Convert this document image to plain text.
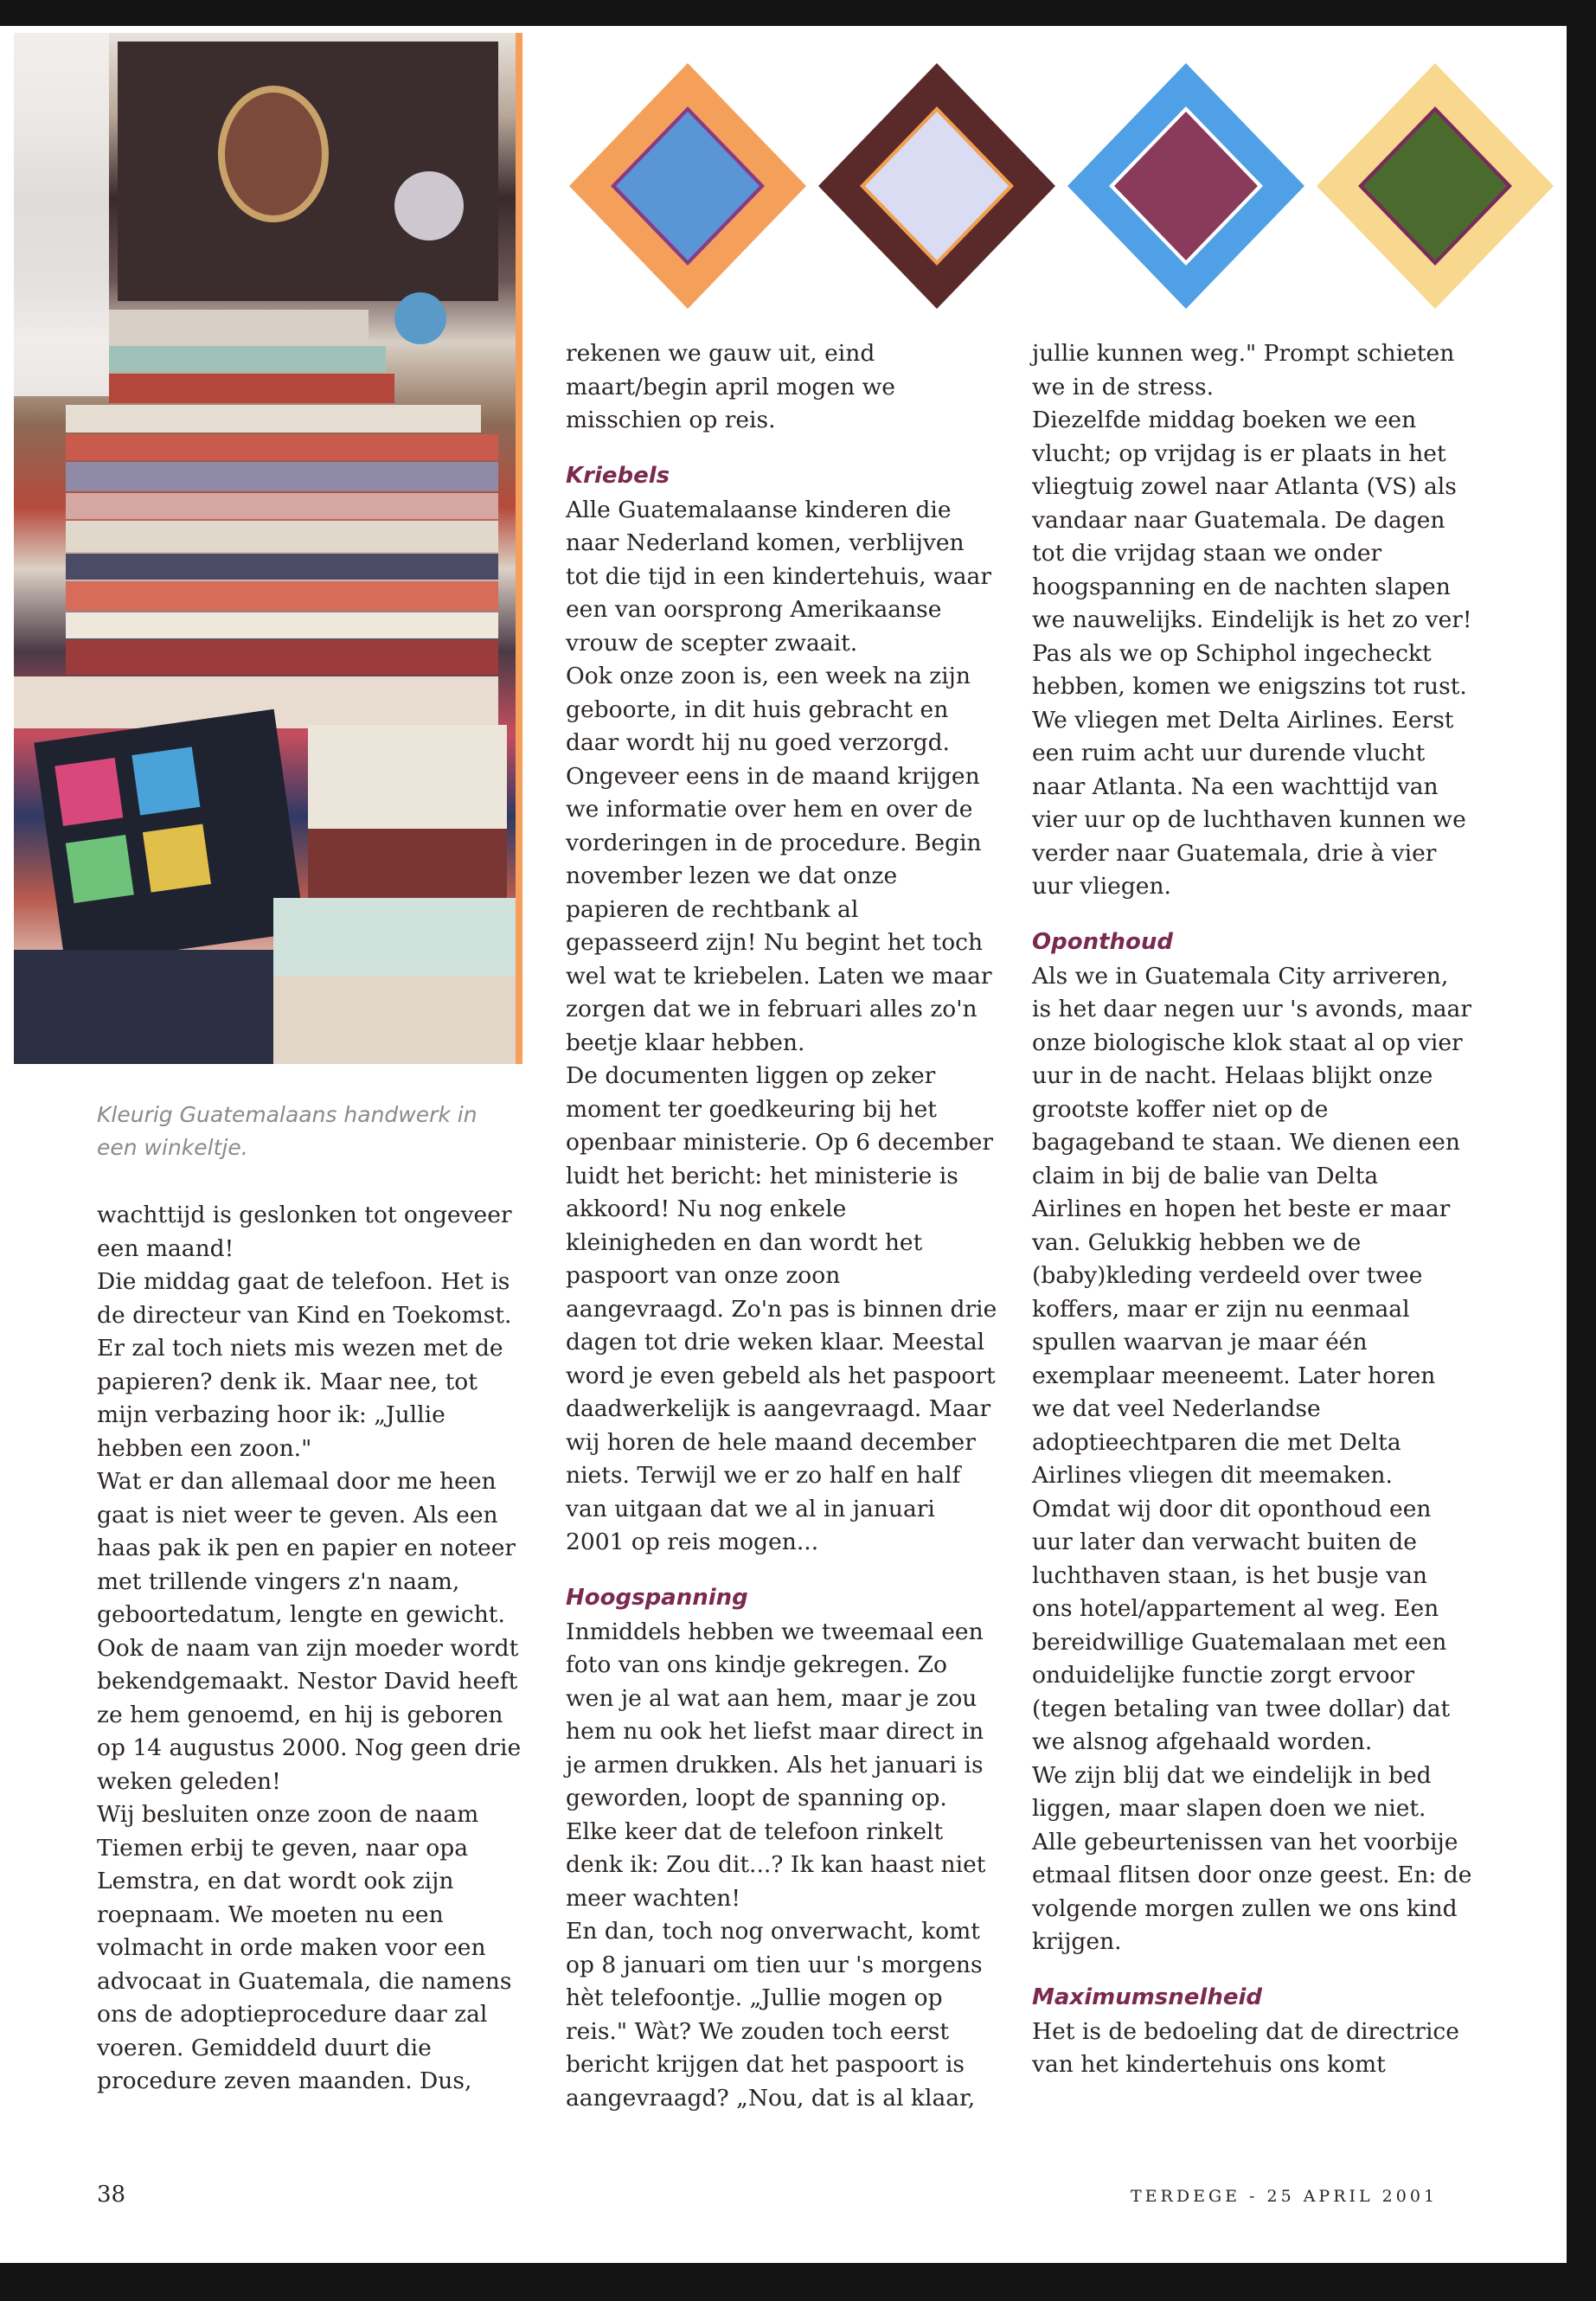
Kleurig Guatemalaans handwerk in een winkeltje.

wachttijd is geslonken tot ongeveer een maand!

Die middag gaat de telefoon. Het is de directeur van Kind en Toekomst. Er zal toch niets mis wezen met de papieren? denk ik. Maar nee, tot mijn verbazing hoor ik: „Jullie hebben een zoon."

Wat er dan allemaal door me heen gaat is niet weer te geven. Als een haas pak ik pen en papier en noteer met trillende vingers z'n naam, geboortedatum, lengte en gewicht. Ook de naam van zijn moeder wordt bekendgemaakt. Nestor David heeft ze hem genoemd, en hij is geboren op 14 augustus 2000. Nog geen drie weken geleden!

Wij besluiten onze zoon de naam Tiemen erbij te geven, naar opa Lemstra, en dat wordt ook zijn roepnaam. We moeten nu een volmacht in orde maken voor een advocaat in Guatemala, die namens ons de adoptieprocedure daar zal voeren. Gemiddeld duurt die procedure zeven maanden. Dus,

rekenen we gauw uit, eind maart/begin april mogen we misschien op reis.

Kriebels

Alle Guatemalaanse kinderen die naar Nederland komen, verblijven tot die tijd in een kindertehuis, waar een van oorsprong Amerikaanse vrouw de scepter zwaait.

Ook onze zoon is, een week na zijn geboorte, in dit huis gebracht en daar wordt hij nu goed verzorgd. Ongeveer eens in de maand krijgen we informatie over hem en over de vorderingen in de procedure. Begin november lezen we dat onze papieren de rechtbank al gepasseerd zijn! Nu begint het toch wel wat te kriebelen. Laten we maar zorgen dat we in februari alles zo'n beetje klaar hebben.

De documenten liggen op zeker moment ter goedkeuring bij het openbaar ministerie. Op 6 december luidt het bericht: het ministerie is akkoord! Nu nog enkele kleinigheden en dan wordt het paspoort van onze zoon aangevraagd. Zo'n pas is binnen drie dagen tot drie weken klaar. Meestal word je even gebeld als het paspoort daadwerkelijk is aangevraagd. Maar wij horen de hele maand december niets. Terwijl we er zo half en half van uitgaan dat we al in januari 2001 op reis mogen...

Hoogspanning

Inmiddels hebben we tweemaal een foto van ons kindje gekregen. Zo wen je al wat aan hem, maar je zou hem nu ook het liefst maar direct in je armen drukken. Als het januari is geworden, loopt de spanning op. Elke keer dat de telefoon rinkelt denk ik: Zou dit...? Ik kan haast niet meer wachten!

En dan, toch nog onverwacht, komt op 8 januari om tien uur 's morgens hèt telefoontje. „Jullie mogen op reis." Wàt? We zouden toch eerst bericht krijgen dat het paspoort is aangevraagd? „Nou, dat is al klaar,

jullie kunnen weg." Prompt schieten we in de stress.

Diezelfde middag boeken we een vlucht; op vrijdag is er plaats in het vliegtuig zowel naar Atlanta (VS) als vandaar naar Guatemala. De dagen tot die vrijdag staan we onder hoogspanning en de nachten slapen we nauwelijks. Eindelijk is het zo ver!

Pas als we op Schiphol ingecheckt hebben, komen we enigszins tot rust. We vliegen met Delta Airlines. Eerst een ruim acht uur durende vlucht naar Atlanta. Na een wachttijd van vier uur op de luchthaven kunnen we verder naar Guatemala, drie à vier uur vliegen.

Oponthoud

Als we in Guatemala City arriveren, is het daar negen uur 's avonds, maar onze biologische klok staat al op vier uur in de nacht. Helaas blijkt onze grootste koffer niet op de bagageband te staan. We dienen een claim in bij de balie van Delta Airlines en hopen het beste er maar van. Gelukkig hebben we de (baby)kleding verdeeld over twee koffers, maar er zijn nu eenmaal spullen waarvan je maar één exemplaar meeneemt. Later horen we dat veel Nederlandse adoptieechtparen die met Delta Airlines vliegen dit meemaken.

Omdat wij door dit oponthoud een uur later dan verwacht buiten de luchthaven staan, is het busje van ons hotel/appartement al weg. Een bereidwillige Guatemalaan met een onduidelijke functie zorgt ervoor (tegen betaling van twee dollar) dat we alsnog afgehaald worden.

We zijn blij dat we eindelijk in bed liggen, maar slapen doen we niet. Alle gebeurtenissen van het voorbije etmaal flitsen door onze geest. En: de volgende morgen zullen we ons kind krijgen.

Maximumsnelheid

Het is de bedoeling dat de directrice van het kindertehuis ons komt

38	TERDEGE - 25 APRIL 2001
